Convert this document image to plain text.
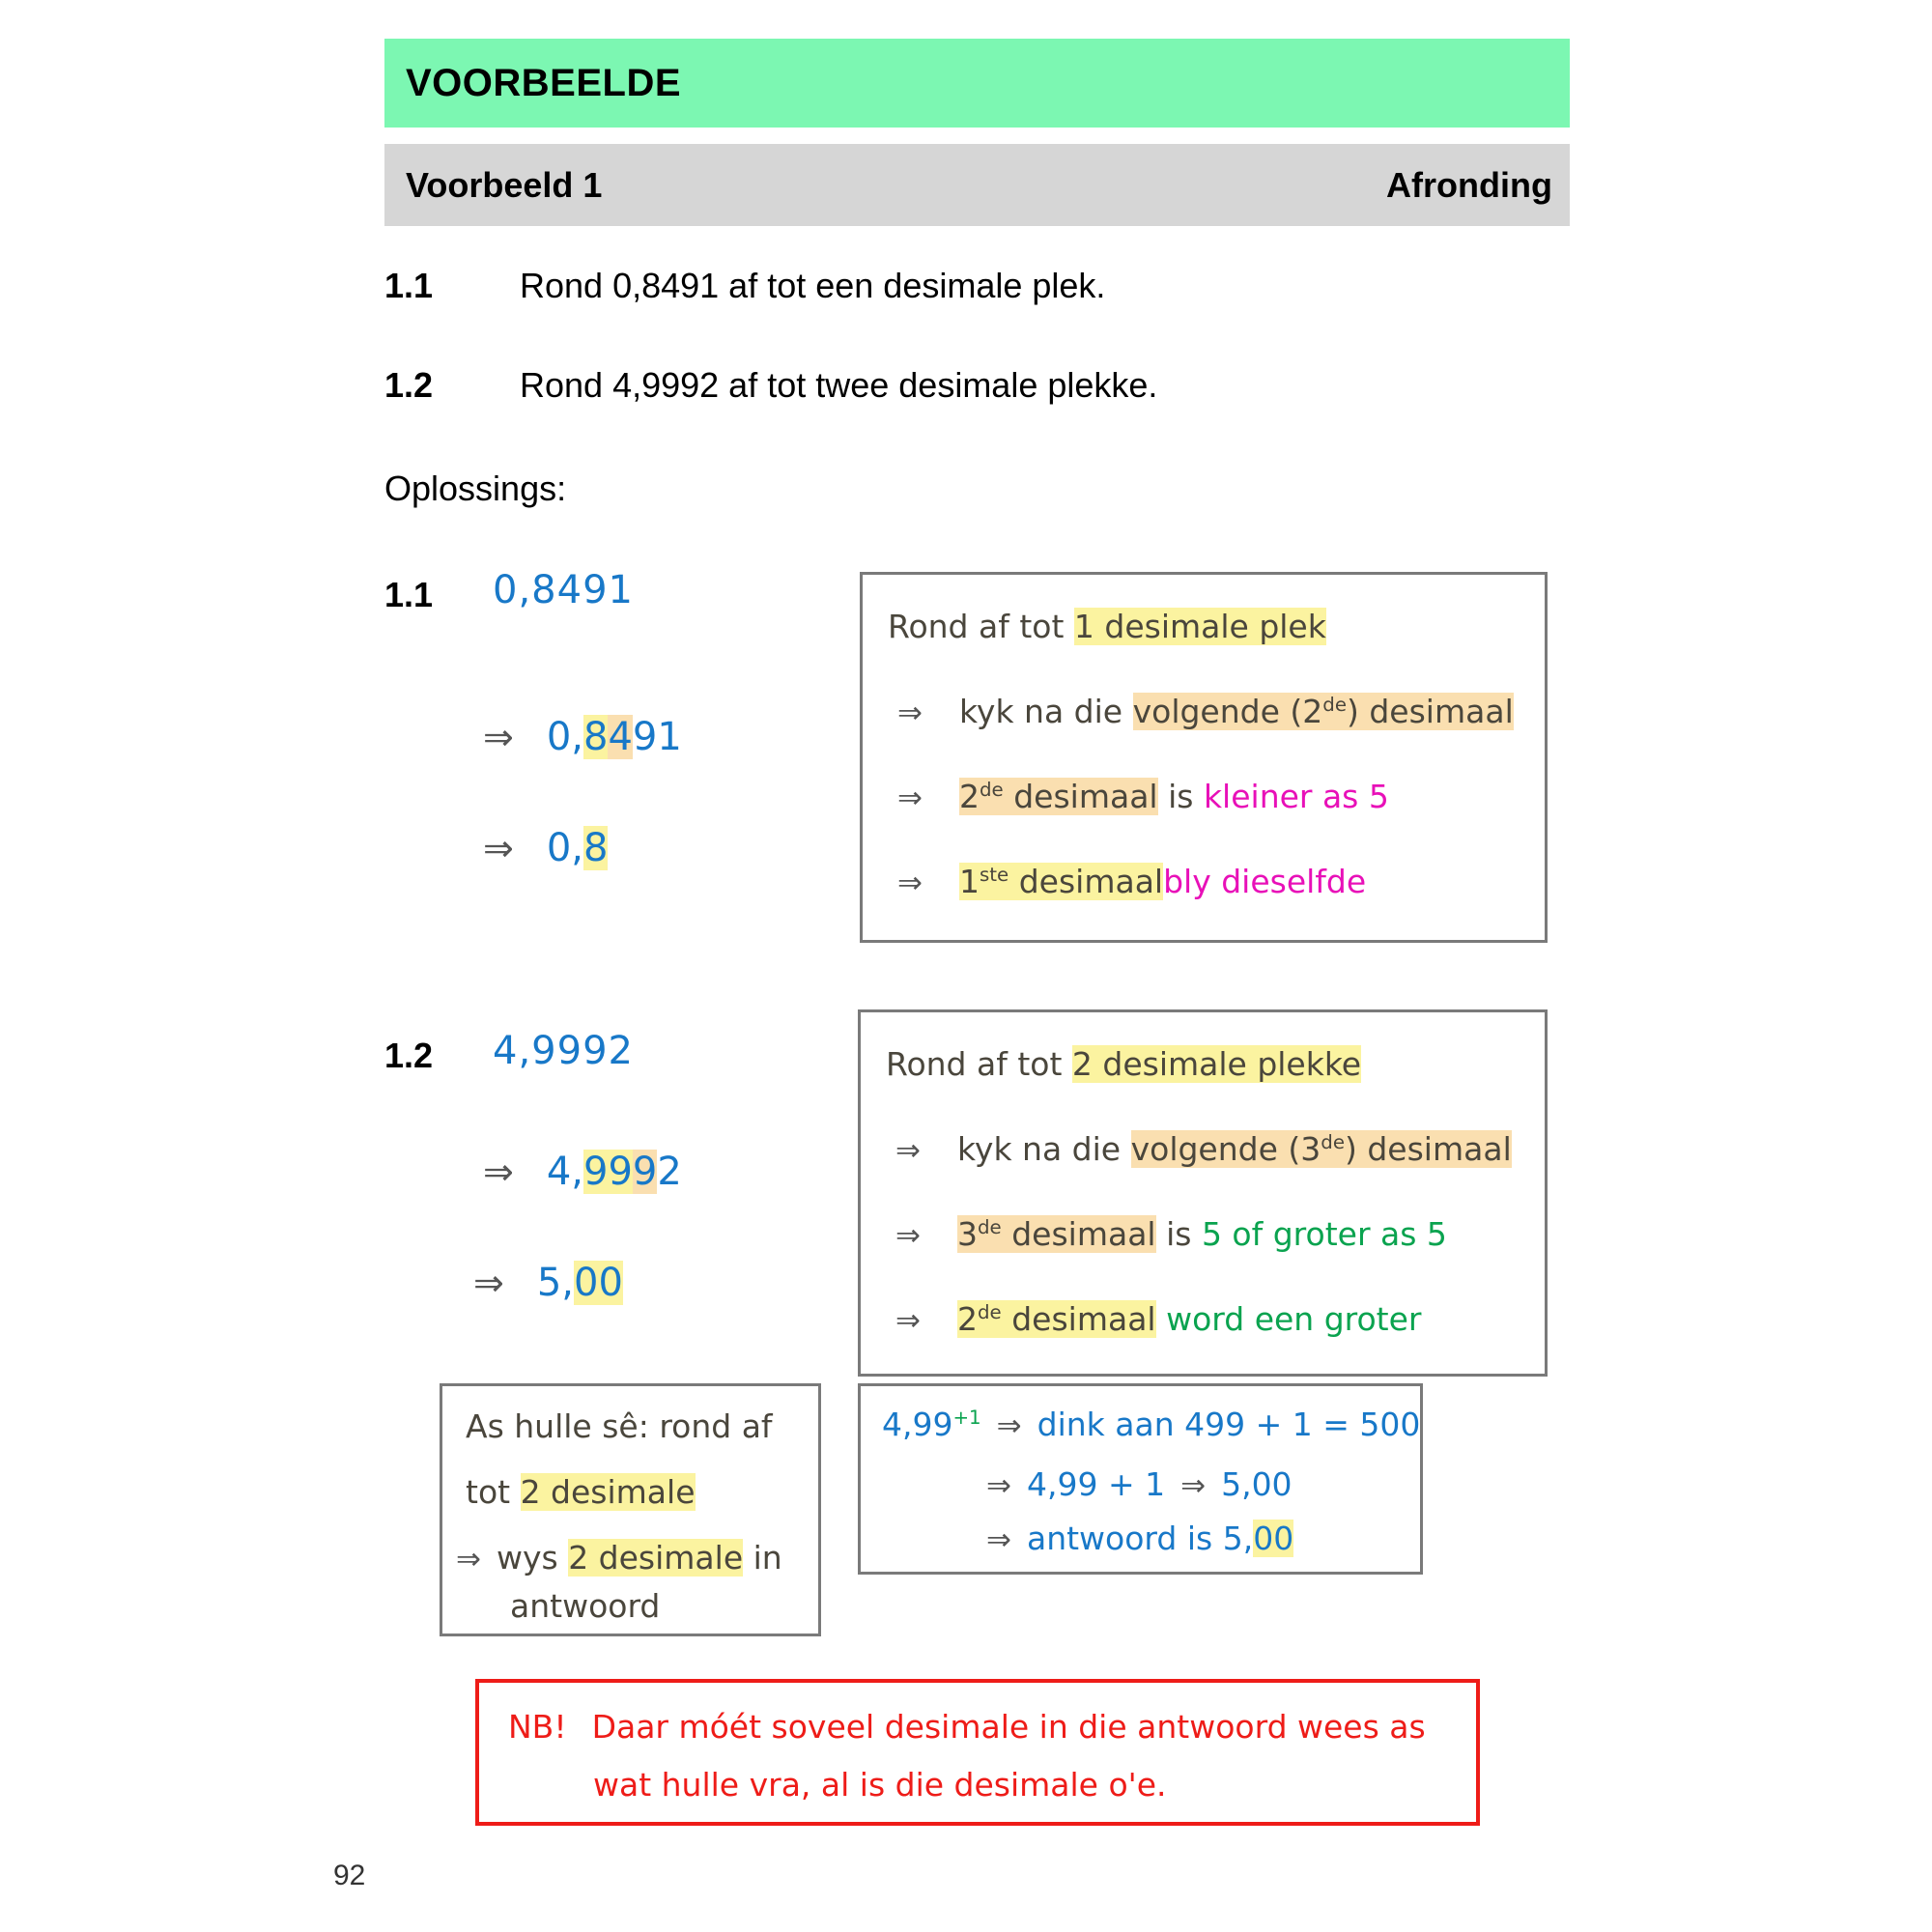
VOORBEELDE
Voorbeeld 1	Afronding
1.1 Rond 0,8491 af tot een desimale plek.
1.2 Rond 4,9992 af tot twee desimale plekke.
Oplossings:
1.1 0,8491
⇒ 0,8491
⇒ 0,8
Rond af tot 1 desimale plek
⇒ kyk na die volgende (2de) desimaal
⇒ 2de desimaal is kleiner as 5
⇒ 1ste desimaalbly dieselfde
1.2 4,9992
⇒ 4,9992
⇒ 5,00
Rond af tot 2 desimale plekke
⇒ kyk na die volgende (3de) desimaal
⇒ 3de desimaal is 5 of groter as 5
⇒ 2de desimaal word een groter
As hulle sê: rond af
tot 2 desimale
⇒ wys 2 desimale in
antwoord
$4,99^{+1}$ ⇒ dink aan 499 + 1 = 500
⇒ 4,99 + 1 ⇒ 5,00
⇒ antwoord is 5,00
NB! Daar móét soveel desimale in die antwoord wees as
wat hulle vra, al is die desimale o'e.
92
